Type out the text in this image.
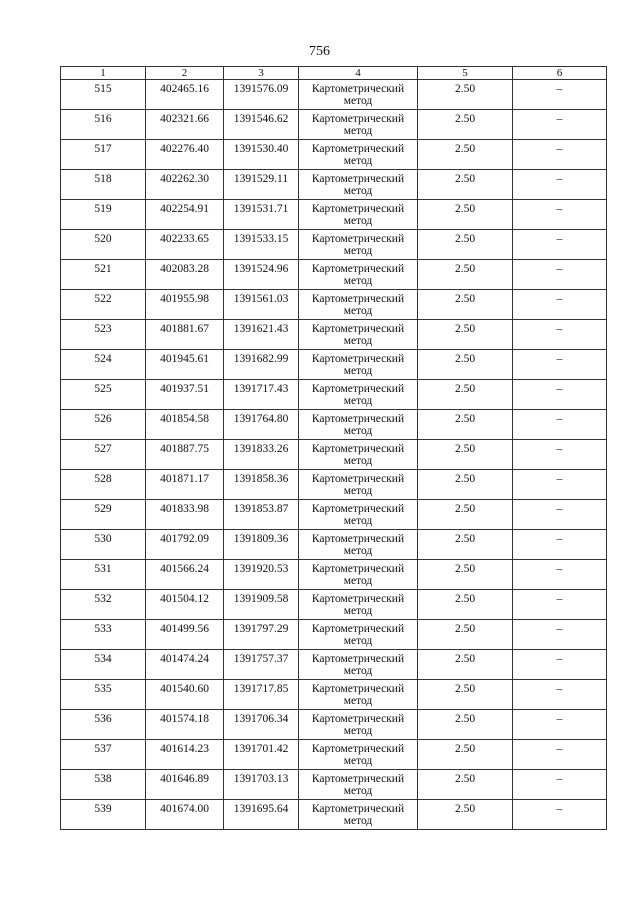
756
1	2	3	4	5	6

515	402465.16	1391576.09	Картометрический
метод	2.50	–

516	402321.66	1391546.62	Картометрический
метод	2.50	–

517	402276.40	1391530.40	Картометрический
метод	2.50	–

518	402262.30	1391529.11	Картометрический
метод	2.50	–

519	402254.91	1391531.71	Картометрический
метод	2.50	–

520	402233.65	1391533.15	Картометрический
метод	2.50	–

521	402083.28	1391524.96	Картометрический
метод	2.50	–

522	401955.98	1391561.03	Картометрический
метод	2.50	–

523	401881.67	1391621.43	Картометрический
метод	2.50	–

524	401945.61	1391682.99	Картометрический
метод	2.50	–

525	401937.51	1391717.43	Картометрический
метод	2.50	–

526	401854.58	1391764.80	Картометрический
метод	2.50	–

527	401887.75	1391833.26	Картометрический
метод	2.50	–

528	401871.17	1391858.36	Картометрический
метод	2.50	–

529	401833.98	1391853.87	Картометрический
метод	2.50	–

530	401792.09	1391809.36	Картометрический
метод	2.50	–

531	401566.24	1391920.53	Картометрический
метод	2.50	–

532	401504.12	1391909.58	Картометрический
метод	2.50	–

533	401499.56	1391797.29	Картометрический
метод	2.50	–

534	401474.24	1391757.37	Картометрический
метод	2.50	–

535	401540.60	1391717.85	Картометрический
метод	2.50	–

536	401574.18	1391706.34	Картометрический
метод	2.50	–

537	401614.23	1391701.42	Картометрический
метод	2.50	–

538	401646.89	1391703.13	Картометрический
метод	2.50	–

539	401674.00	1391695.64	Картометрический
метод	2.50	–
